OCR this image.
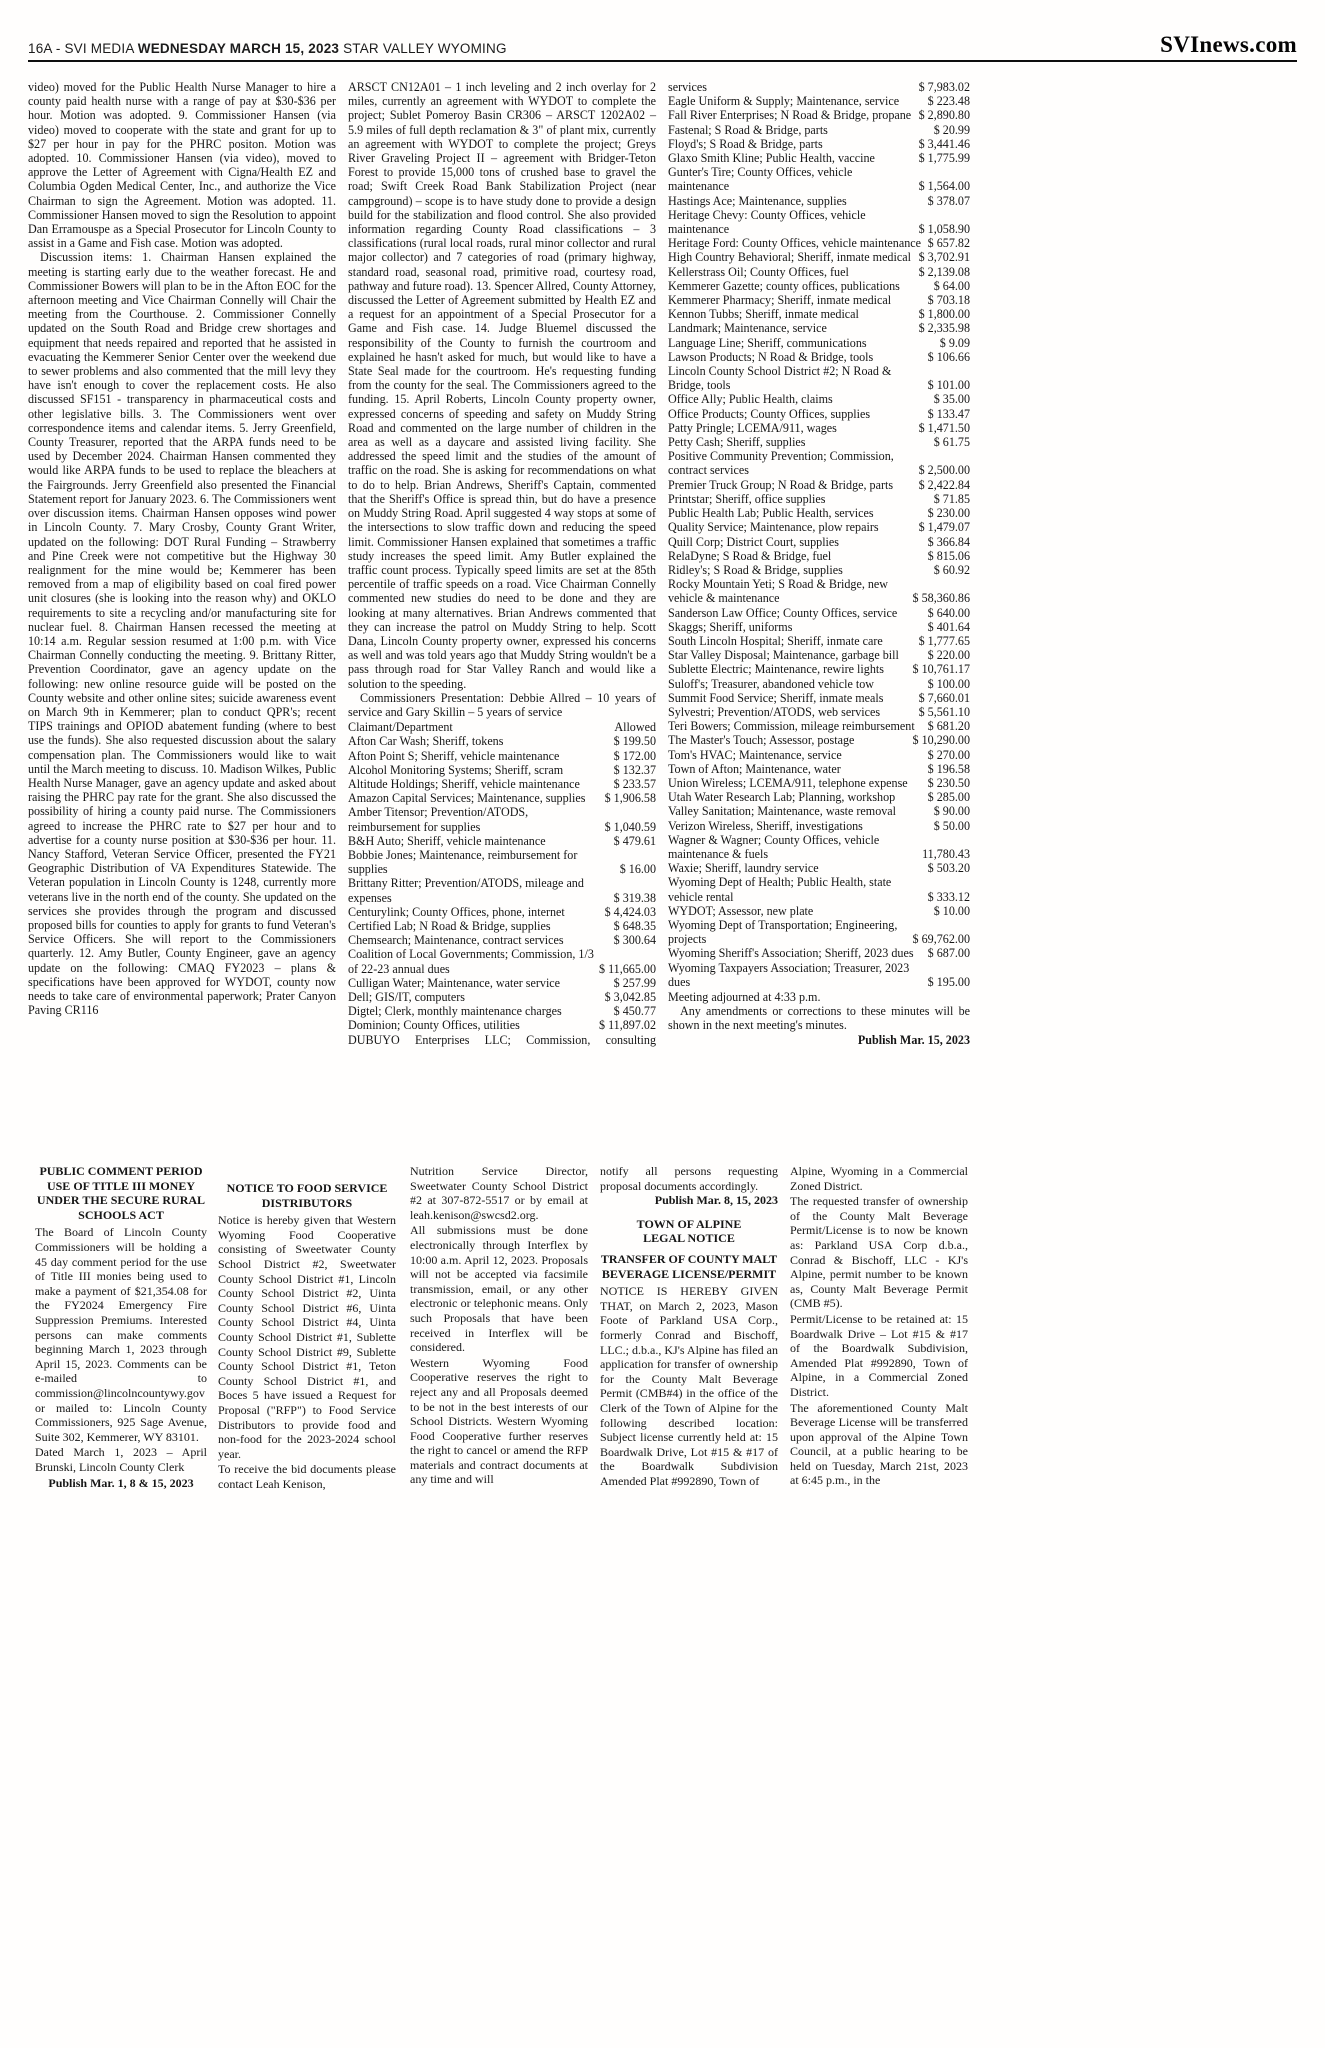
16A - SVI MEDIA WEDNESDAY MARCH 15, 2023 STAR VALLEY WYOMING	SVInews.com

video) moved for the Public Health Nurse Manager to hire a county paid health nurse with a range of pay at $30-$36 per hour. Motion was adopted. 9. Commissioner Hansen (via video) moved to cooperate with the state and grant for up to $27 per hour in pay for the PHRC positon. Motion was adopted. 10. Commissioner Hansen (via video), moved to approve the Letter of Agreement with Cigna/Health EZ and Columbia Ogden Medical Center, Inc., and authorize the Vice Chairman to sign the Agreement. Motion was adopted. 11. Commissioner Hansen moved to sign the Resolution to appoint Dan Erramouspe as a Special Prosecutor for Lincoln County to assist in a Game and Fish case. Motion was adopted.

Discussion items: 1. Chairman Hansen explained the meeting is starting early due to the weather forecast. He and Commissioner Bowers will plan to be in the Afton EOC for the afternoon meeting and Vice Chairman Connelly will Chair the meeting from the Courthouse. 2. Commissioner Connelly updated on the South Road and Bridge crew shortages and equipment that needs repaired and reported that he assisted in evacuating the Kemmerer Senior Center over the weekend due to sewer problems and also commented that the mill levy they have isn't enough to cover the replacement costs. He also discussed SF151 - transparency in pharmaceutical costs and other legislative bills. 3. The Commissioners went over correspondence items and calendar items. 5. Jerry Greenfield, County Treasurer, reported that the ARPA funds need to be used by December 2024. Chairman Hansen commented they would like ARPA funds to be used to replace the bleachers at the Fairgrounds. Jerry Greenfield also presented the Financial Statement report for January 2023. 6. The Commissioners went over discussion items. Chairman Hansen opposes wind power in Lincoln County. 7. Mary Crosby, County Grant Writer, updated on the following: DOT Rural Funding – Strawberry and Pine Creek were not competitive but the Highway 30 realignment for the mine would be; Kemmerer has been removed from a map of eligibility based on coal fired power unit closures (she is looking into the reason why) and OKLO requirements to site a recycling and/or manufacturing site for nuclear fuel. 8. Chairman Hansen recessed the meeting at 10:14 a.m. Regular session resumed at 1:00 p.m. with Vice Chairman Connelly conducting the meeting. 9. Brittany Ritter, Prevention Coordinator, gave an agency update on the following: new online resource guide will be posted on the County website and other online sites; suicide awareness event on March 9th in Kemmerer; plan to conduct QPR's; recent TIPS trainings and OPIOD abatement funding (where to best use the funds). She also requested discussion about the salary compensation plan. The Commissioners would like to wait until the March meeting to discuss. 10. Madison Wilkes, Public Health Nurse Manager, gave an agency update and asked about raising the PHRC pay rate for the grant. She also discussed the possibility of hiring a county paid nurse. The Commissioners agreed to increase the PHRC rate to $27 per hour and to advertise for a county nurse position at $30-$36 per hour. 11. Nancy Stafford, Veteran Service Officer, presented the FY21 Geographic Distribution of VA Expenditures Statewide. The Veteran population in Lincoln County is 1248, currently more veterans live in the north end of the county. She updated on the services she provides through the program and discussed proposed bills for counties to apply for grants to fund Veteran's Service Officers. She will report to the Commissioners quarterly. 12. Amy Butler, County Engineer, gave an agency update on the following: CMAQ FY2023 – plans & specifications have been approved for WYDOT, county now needs to take care of environmental paperwork; Prater Canyon Paving CR116

ARSCT CN12A01 – 1 inch leveling and 2 inch overlay for 2 miles, currently an agreement with WYDOT to complete the project; Sublet Pomeroy Basin CR306 – ARSCT 1202A02 – 5.9 miles of full depth reclamation & 3" of plant mix, currently an agreement with WYDOT to complete the project; Greys River Graveling Project II – agreement with Bridger-Teton Forest to provide 15,000 tons of crushed base to gravel the road; Swift Creek Road Bank Stabilization Project (near campground) – scope is to have study done to provide a design build for the stabilization and flood control. She also provided information regarding County Road classifications – 3 classifications (rural local roads, rural minor collector and rural major collector) and 7 categories of road (primary highway, standard road, seasonal road, primitive road, courtesy road, pathway and future road). 13. Spencer Allred, County Attorney, discussed the Letter of Agreement submitted by Health EZ and a request for an appointment of a Special Prosecutor for a Game and Fish case. 14. Judge Bluemel discussed the responsibility of the County to furnish the courtroom and explained he hasn't asked for much, but would like to have a State Seal made for the courtroom. He's requesting funding from the county for the seal. The Commissioners agreed to the funding. 15. April Roberts, Lincoln County property owner, expressed concerns of speeding and safety on Muddy String Road and commented on the large number of children in the area as well as a daycare and assisted living facility. She addressed the speed limit and the studies of the amount of traffic on the road. She is asking for recommendations on what to do to help. Brian Andrews, Sheriff's Captain, commented that the Sheriff's Office is spread thin, but do have a presence on Muddy String Road. April suggested 4 way stops at some of the intersections to slow traffic down and reducing the speed limit. Commissioner Hansen explained that sometimes a traffic study increases the speed limit. Amy Butler explained the traffic count process. Typically speed limits are set at the 85th percentile of traffic speeds on a road. Vice Chairman Connelly commented new studies do need to be done and they are looking at many alternatives. Brian Andrews commented that they can increase the patrol on Muddy String to help. Scott Dana, Lincoln County property owner, expressed his concerns as well and was told years ago that Muddy String wouldn't be a pass through road for Star Valley Ranch and would like a solution to the speeding.

Commissioners Presentation: Debbie Allred – 10 years of service and Gary Skillin – 5 years of service

Claimant/Department	Allowed
Afton Car Wash; Sheriff, tokens	$ 199.50
Afton Point S; Sheriff, vehicle maintenance	$ 172.00
Alcohol Monitoring Systems; Sheriff, scram	$ 132.37
Altitude Holdings; Sheriff, vehicle maintenance	$ 233.57
Amazon Capital Services; Maintenance, supplies	$ 1,906.58
Amber Titensor; Prevention/ATODS, reimbursement for supplies	$ 1,040.59
B&H Auto; Sheriff, vehicle maintenance	$ 479.61
Bobbie Jones; Maintenance, reimbursement for supplies	$ 16.00
Brittany Ritter; Prevention/ATODS, mileage and expenses	$ 319.38
Centurylink; County Offices, phone, internet	$ 4,424.03
Certified Lab; N Road & Bridge, supplies	$ 648.35
Chemsearch; Maintenance, contract services	$ 300.64
Coalition of Local Governments; Commission, 1/3 of 22-23 annual dues	$ 11,665.00
Culligan Water; Maintenance, water service	$ 257.99
Dell; GIS/IT, computers	$ 3,042.85
Digtel; Clerk, monthly maintenance charges	$ 450.77
Dominion; County Offices, utilities	$ 11,897.02

DUBUYO Enterprises LLC; Commission, consulting

services	$ 7,983.02
Eagle Uniform & Supply; Maintenance, service	$ 223.48
Fall River Enterprises; N Road & Bridge, propane $ 2,890.80
Fastenal; S Road & Bridge, parts	$ 20.99
Floyd's; S Road & Bridge, parts	$ 3,441.46
Glaxo Smith Kline; Public Health, vaccine	$ 1,775.99
Gunter's Tire; County Offices, vehicle maintenance	$ 1,564.00
Hastings Ace; Maintenance, supplies	$ 378.07
Heritage Chevy: County Offices, vehicle maintenance	$ 1,058.90
Heritage Ford: County Offices, vehicle maintenance $ 657.82
High Country Behavioral; Sheriff, inmate medical $ 3,702.91
Kellerstrass Oil; County Offices, fuel	$ 2,139.08
Kemmerer Gazette; county offices, publications	$ 64.00
Kemmerer Pharmacy; Sheriff, inmate medical	$ 703.18
Kennon Tubbs; Sheriff, inmate medical	$ 1,800.00
Landmark; Maintenance, service	$ 2,335.98
Language Line; Sheriff, communications	$ 9.09
Lawson Products; N Road & Bridge, tools	$ 106.66
Lincoln County School District #2; N Road & Bridge, tools	$ 101.00
Office Ally; Public Health, claims	$ 35.00
Office Products; County Offices, supplies	$ 133.47
Patty Pringle; LCEMA/911, wages	$ 1,471.50
Petty Cash; Sheriff, supplies	$ 61.75
Positive Community Prevention; Commission, contract services	$ 2,500.00
Premier Truck Group; N Road & Bridge, parts	$ 2,422.84
Printstar; Sheriff, office supplies	$ 71.85
Public Health Lab; Public Health, services	$ 230.00
Quality Service; Maintenance, plow repairs	$ 1,479.07
Quill Corp; District Court, supplies	$ 366.84
RelaDyne; S Road & Bridge, fuel	$ 815.06
Ridley's; S Road & Bridge, supplies	$ 60.92
Rocky Mountain Yeti; S Road & Bridge, new vehicle & maintenance	$ 58,360.86
Sanderson Law Office; County Offices, service	$ 640.00
Skaggs; Sheriff, uniforms	$ 401.64
South Lincoln Hospital; Sheriff, inmate care	$ 1,777.65
Star Valley Disposal; Maintenance, garbage bill	$ 220.00
Sublette Electric; Maintenance, rewire lights	$ 10,761.17
Suloff's; Treasurer, abandoned vehicle tow	$ 100.00
Summit Food Service; Sheriff, inmate meals	$ 7,660.01
Sylvestri; Prevention/ATODS, web services	$ 5,561.10
Teri Bowers; Commission, mileage reimbursement	$ 681.20
The Master's Touch; Assessor, postage	$ 10,290.00
Tom's HVAC; Maintenance, service	$ 270.00
Town of Afton; Maintenance, water	$ 196.58
Union Wireless; LCEMA/911, telephone expense	$ 230.50
Utah Water Research Lab; Planning, workshop	$ 285.00
Valley Sanitation; Maintenance, waste removal	$ 90.00
Verizon Wireless, Sheriff, investigations	$ 50.00
Wagner & Wagner; County Offices, vehicle maintenance & fuels	11,780.43
Waxie; Sheriff, laundry service	$ 503.20
Wyoming Dept of Health; Public Health, state vehicle rental	$ 333.12
WYDOT; Assessor, new plate	$ 10.00
Wyoming Dept of Transportation; Engineering, projects	$ 69,762.00
Wyoming Sheriff's Association; Sheriff, 2023 dues	$ 687.00
Wyoming Taxpayers Association; Treasurer, 2023 dues	$ 195.00

Meeting adjourned at 4:33 p.m.

Any amendments or corrections to these minutes will be shown in the next meeting's minutes.

Publish Mar. 15, 2023

PUBLIC COMMENT PERIOD

USE OF TITLE III MONEY

UNDER THE SECURE RURAL

SCHOOLS ACT

The Board of Lincoln County Commissioners will be holding a 45 day comment period for the use of Title III monies being used to make a payment of $21,354.08 for the FY2024 Emergency Fire Suppression Premiums. Interested persons can make comments beginning March 1, 2023 through April 15, 2023. Comments can be e-mailed to commission@lincolncountywy.gov or mailed to: Lincoln County Commissioners, 925 Sage Avenue, Suite 302, Kemmerer, WY 83101.

Dated March 1, 2023 – April Brunski, Lincoln County Clerk

Publish Mar. 1, 8 & 15, 2023

NOTICE TO FOOD SERVICE

DISTRIBUTORS

Notice is hereby given that Western Wyoming Food Cooperative consisting of Sweetwater County School District #2, Sweetwater County School District #1, Lincoln County School District #2, Uinta County School District #6, Uinta County School District #4, Uinta County School District #1, Sublette County School District #9, Sublette County School District #1, Teton County School District #1, and Boces 5 have issued a Request for Proposal ("RFP") to Food Service Distributors to provide food and non-food for the 2023-2024 school year.

To receive the bid documents please contact Leah Kenison,

Nutrition Service Director, Sweetwater County School District #2 at 307-872-5517 or by email at leah.kenison@swcsd2.org.

All submissions must be done electronically through Interflex by 10:00 a.m. April 12, 2023. Proposals will not be accepted via facsimile transmission, email, or any other electronic or telephonic means. Only such Proposals that have been received in Interflex will be considered.

Western Wyoming Food Cooperative reserves the right to reject any and all Proposals deemed to be not in the best interests of our School Districts. Western Wyoming Food Cooperative further reserves the right to cancel or amend the RFP materials and contract documents at any time and will

notify all persons requesting proposal documents accordingly.

Publish Mar. 8, 15, 2023

TOWN OF ALPINE

LEGAL NOTICE

TRANSFER OF COUNTY MALT

BEVERAGE LICENSE/PERMIT

NOTICE IS HEREBY GIVEN THAT, on March 2, 2023, Mason Foote of Parkland USA Corp., formerly Conrad and Bischoff, LLC.; d.b.a., KJ's Alpine has filed an application for transfer of ownership for the County Malt Beverage Permit (CMB#4) in the office of the Clerk of the Town of Alpine for the following described location: Subject license currently held at: 15 Boardwalk Drive, Lot #15 & #17 of the Boardwalk Subdivision Amended Plat #992890, Town of

Alpine, Wyoming in a Commercial Zoned District.

The requested transfer of ownership of the County Malt Beverage Permit/License is to now be known as: Parkland USA Corp d.b.a., Conrad & Bischoff, LLC - KJ's Alpine, permit number to be known as, County Malt Beverage Permit (CMB #5).

Permit/License to be retained at: 15 Boardwalk Drive – Lot #15 & #17 of the Boardwalk Subdivision, Amended Plat #992890, Town of Alpine, in a Commercial Zoned District.

The aforementioned County Malt Beverage License will be transferred upon approval of the Alpine Town Council, at a public hearing to be held on Tuesday, March 21st, 2023 at 6:45 p.m., in the
